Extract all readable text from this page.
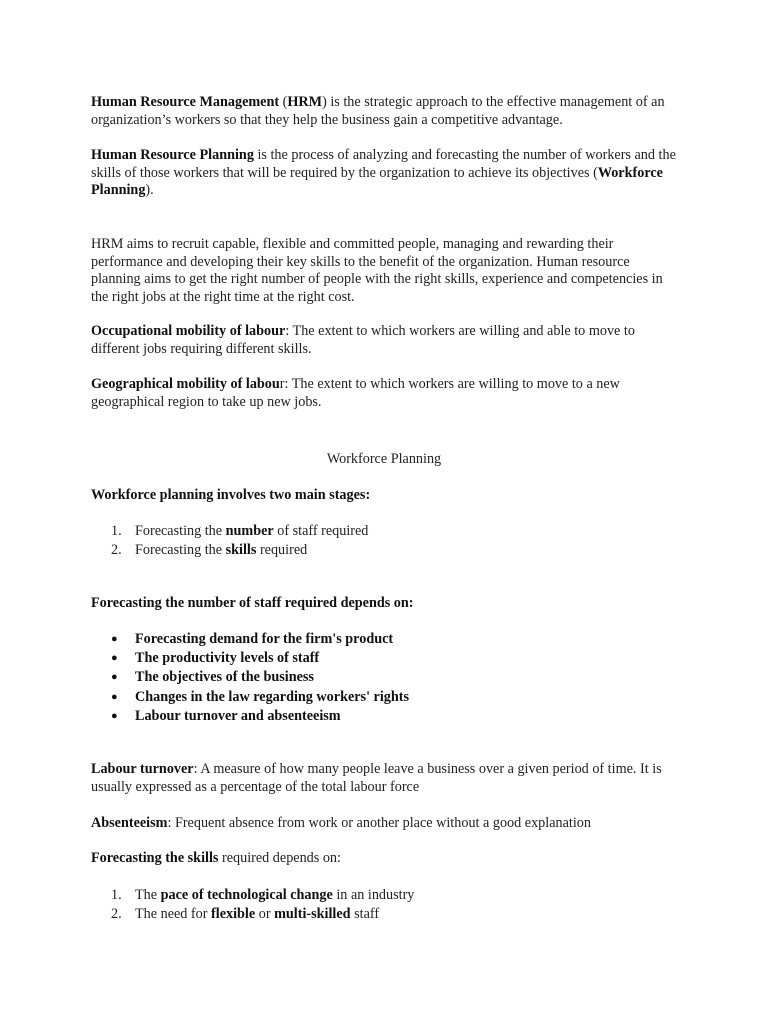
Human Resource Management (HRM) is the strategic approach to the effective management of an organization’s workers so that they help the business gain a competitive advantage.

Human Resource Planning is the process of analyzing and forecasting the number of workers and the skills of those workers that will be required by the organization to achieve its objectives (Workforce Planning).

HRM aims to recruit capable, flexible and committed people, managing and rewarding their performance and developing their key skills to the benefit of the organization. Human resource planning aims to get the right number of people with the right skills, experience and competencies in the right jobs at the right time at the right cost.

Occupational mobility of labour: The extent to which workers are willing and able to move to different jobs requiring different skills.

Geographical mobility of labour: The extent to which workers are willing to move to a new geographical region to take up new jobs.

Workforce Planning

Workforce planning involves two main stages:

1. Forecasting the number of staff required
2. Forecasting the skills required

Forecasting the number of staff required depends on:

●	Forecasting demand for the firm's product
●	The productivity levels of staff
●	The objectives of the business
●	Changes in the law regarding workers' rights
●	Labour turnover and absenteeism

Labour turnover: A measure of how many people leave a business over a given period of time. It is usually expressed as a percentage of the total labour force

Absenteeism: Frequent absence from work or another place without a good explanation

Forecasting the skills required depends on:

1. The pace of technological change in an industry
2. The need for flexible or multi-skilled staff
